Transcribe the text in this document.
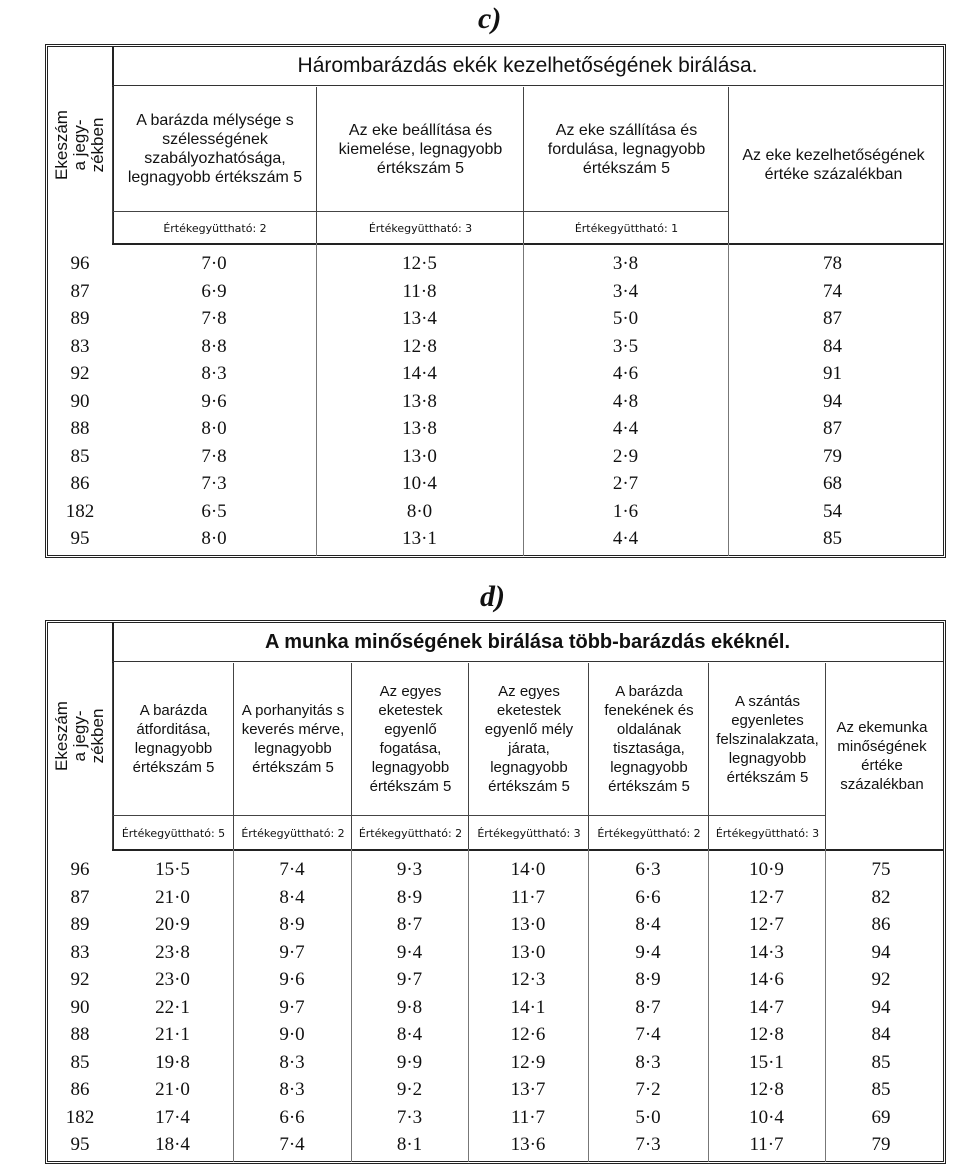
c)
Ekeszám a jegy-
zékben
Hárombarázdás ekék kezelhetőségének birálása.
A barázda mélysége s szélességének szabályozhatósága, legnagyobb értékszám 5
Értékegyüttható: 2
Az eke beállítása és kiemelése, legnagyobb értékszám 5
Értékegyüttható: 3
Az eke szállítása és fordulása, legnagyobb értékszám 5
Értékegyüttható: 1
Az eke kezelhetőségének értéke százalékban
96	7·0	12·5	3·8	78
87	6·9	11·8	3·4	74
89	7·8	13·4	5·0	87
83	8·8	12·8	3·5	84
92	8·3	14·4	4·6	91
90	9·6	13·8	4·8	94
88	8·0	13·8	4·4	87
85	7·8	13·0	2·9	79
86	7·3	10·4	2·7	68
182	6·5	8·0	1·6	54
95	8·0	13·1	4·4	85
d)
Ekeszám a jegy-
zékben
A munka minőségének birálása több-barázdás ekéknél.
A barázda átforditása, legnagyobb értékszám 5
Értékegyüttható: 5
A porhanyitás s keverés mérve, legnagyobb értékszám 5
Értékegyüttható: 2
Az egyes eketestek egyenlő fogatása, legnagyobb értékszám 5
Értékegyüttható: 2
Az egyes eketestek egyenlő mély járata, legnagyobb értékszám 5
Értékegyüttható: 3
A barázda fenekének és oldalának tisztasága, legnagyobb értékszám 5
Értékegyüttható: 2
A szántás egyenletes felszinalakzata, legnagyobb értékszám 5
Értékegyüttható: 3
Az ekemunka minőségének értéke százalékban
96	15·5	7·4	9·3	14·0	6·3	10·9	75
87	21·0	8·4	8·9	11·7	6·6	12·7	82
89	20·9	8·9	8·7	13·0	8·4	12·7	86
83	23·8	9·7	9·4	13·0	9·4	14·3	94
92	23·0	9·6	9·7	12·3	8·9	14·6	92
90	22·1	9·7	9·8	14·1	8·7	14·7	94
88	21·1	9·0	8·4	12·6	7·4	12·8	84
85	19·8	8·3	9·9	12·9	8·3	15·1	85
86	21·0	8·3	9·2	13·7	7·2	12·8	85
182	17·4	6·6	7·3	11·7	5·0	10·4	69
95	18·4	7·4	8·1	13·6	7·3	11·7	79
